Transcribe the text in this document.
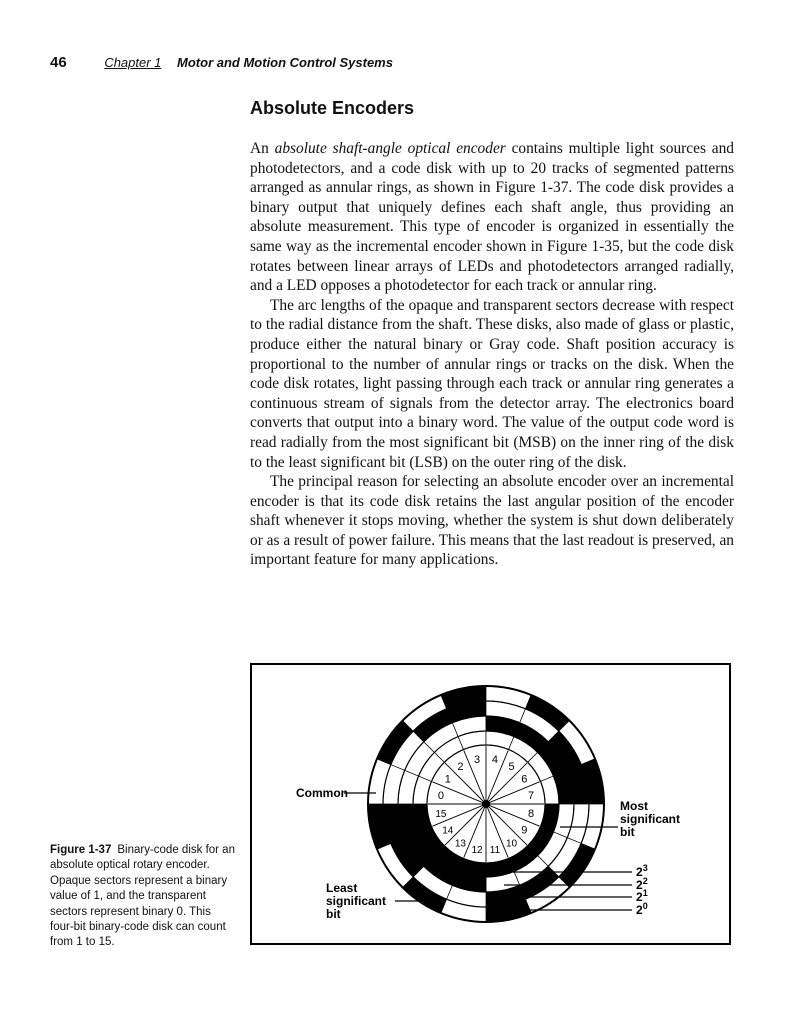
46	Chapter 1 Motor and Motion Control Systems
Absolute Encoders

An absolute shaft-angle optical encoder contains multiple light sources and photodetectors, and a code disk with up to 20 tracks of segmented patterns arranged as annular rings, as shown in Figure 1-37. The code disk provides a binary output that uniquely defines each shaft angle, thus providing an absolute measurement. This type of encoder is organized in essentially the same way as the incremental encoder shown in Figure 1-35, but the code disk rotates between linear arrays of LEDs and photodetectors arranged radially, and a LED opposes a photodetector for each track or annular ring.

The arc lengths of the opaque and transparent sectors decrease with respect to the radial distance from the shaft. These disks, also made of glass or plastic, produce either the natural binary or Gray code. Shaft position accuracy is proportional to the number of annular rings or tracks on the disk. When the code disk rotates, light passing through each track or annular ring generates a continuous stream of signals from the detector array. The electronics board converts that output into a binary word. The value of the output code word is read radially from the most significant bit (MSB) on the inner ring of the disk to the least significant bit (LSB) on the outer ring of the disk.

The principal reason for selecting an absolute encoder over an incremental encoder is that its code disk retains the last angular position of the encoder shaft whenever it stops moving, whether the system is shut down deliberately or as a result of power failure. This means that the last readout is preserved, an important feature for many applications.

3 4
5
6
7
8
9
10
11
12
13
14
15
0
1
2
Common
Most
significant
bit
Least
significant
bit
$2^3$
$2^2$
$2^1$
$2^0$
Figure 1-37 Binary-code disk for an absolute optical rotary encoder. Opaque sectors represent a binary value of 1, and the transparent sectors represent binary 0. This four-bit binary-code disk can count from 1 to 15.
